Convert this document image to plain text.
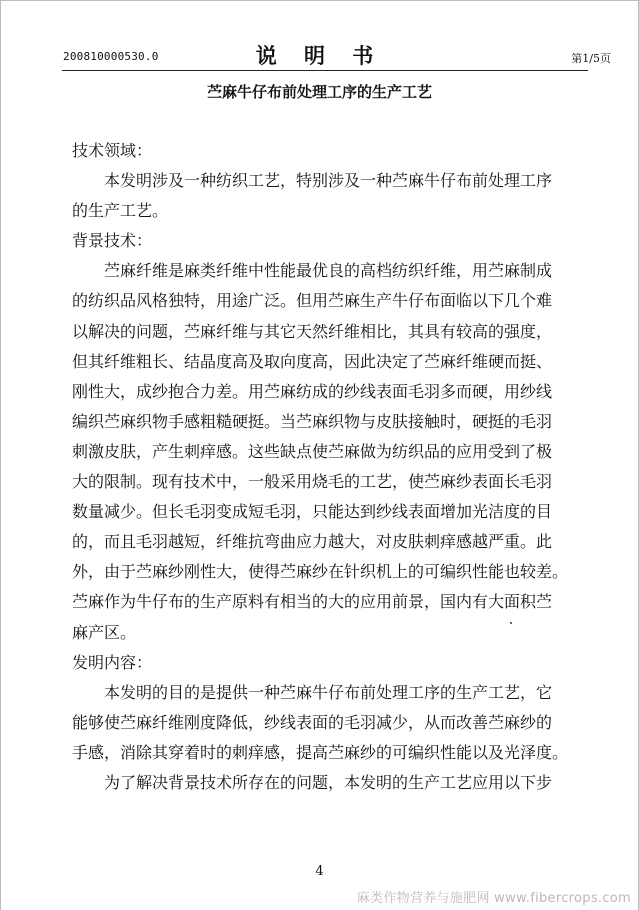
200810000530.0	说 明 书	第1/5页
苎麻牛仔布前处理工序的生产工艺
技术领域：
　　本发明涉及一种纺织工艺，特别涉及一种苎麻牛仔布前处理工序
的生产工艺。
背景技术：
　　苎麻纤维是麻类纤维中性能最优良的高档纺织纤维，用苎麻制成
的纺织品风格独特，用途广泛。但用苎麻生产牛仔布面临以下几个难
以解决的问题，苎麻纤维与其它天然纤维相比，其具有较高的强度，
但其纤维粗长、结晶度高及取向度高，因此决定了苎麻纤维硬而挺、
刚性大，成纱抱合力差。用苎麻纺成的纱线表面毛羽多而硬，用纱线
编织苎麻织物手感粗糙硬挺。当苎麻织物与皮肤接触时，硬挺的毛羽
刺激皮肤，产生刺痒感。这些缺点使苎麻做为纺织品的应用受到了极
大的限制。现有技术中，一般采用烧毛的工艺，使苎麻纱表面长毛羽
数量减少。但长毛羽变成短毛羽，只能达到纱线表面增加光洁度的目
的，而且毛羽越短，纤维抗弯曲应力越大，对皮肤刺痒感越严重。此
外，由于苎麻纱刚性大，使得苎麻纱在针织机上的可编织性能也较差。
苎麻作为牛仔布的生产原料有相当的大的应用前景，国内有大面积苎
麻产区。
发明内容：
　　本发明的目的是提供一种苎麻牛仔布前处理工序的生产工艺，它
能够使苎麻纤维刚度降低，纱线表面的毛羽减少，从而改善苎麻纱的
手感，消除其穿着时的刺痒感，提高苎麻纱的可编织性能以及光泽度。
　　为了解决背景技术所存在的问题，本发明的生产工艺应用以下步
4
麻类作物营养与施肥网 www.fibercrops.com
